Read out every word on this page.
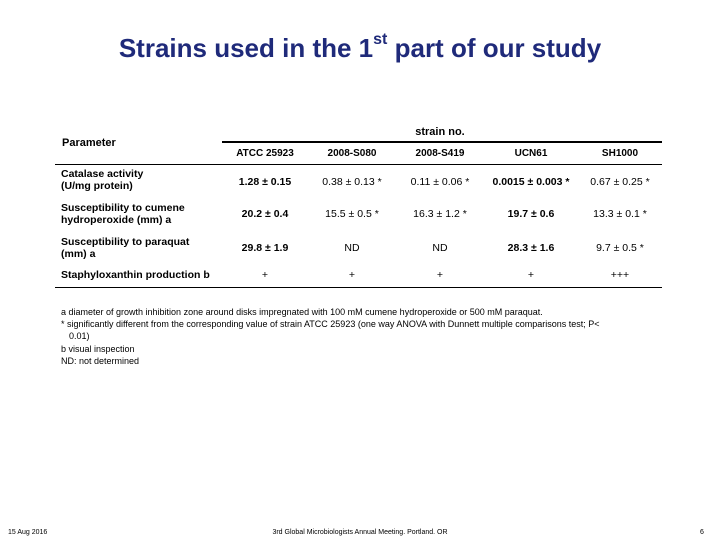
Strains used in the 1st part of our study
Parameter
strain no.
ATCC 25923	2008-S080	2008-S419	UCN61	SH1000
Catalase activity
(U/mg protein)	1.28 ± 0.15	0.38 ± 0.13 *	0.11 ± 0.06 *	0.0015 ± 0.003 *	0.67 ± 0.25 *
Susceptibility to cumene
hydroperoxide (mm) a	20.2 ± 0.4	15.5 ± 0.5 *	16.3 ± 1.2 *	19.7 ± 0.6	13.3 ± 0.1 *
Susceptibility to paraquat
(mm) a	29.8 ± 1.9	ND	ND	28.3 ± 1.6	9.7 ± 0.5 *
Staphyloxanthin production b	+	+	+	+	+++
a diameter of growth inhibition zone around disks impregnated with 100 mM cumene hydroperoxide or 500 mM paraquat.
* significantly different from the corresponding value of strain ATCC 25923 (one way ANOVA with Dunnett multiple comparisons test; P<
0.01)
b visual inspection
ND: not determined
15 Aug 2016	3rd Global Microbiologists Annual Meeting. Portland. OR	6
